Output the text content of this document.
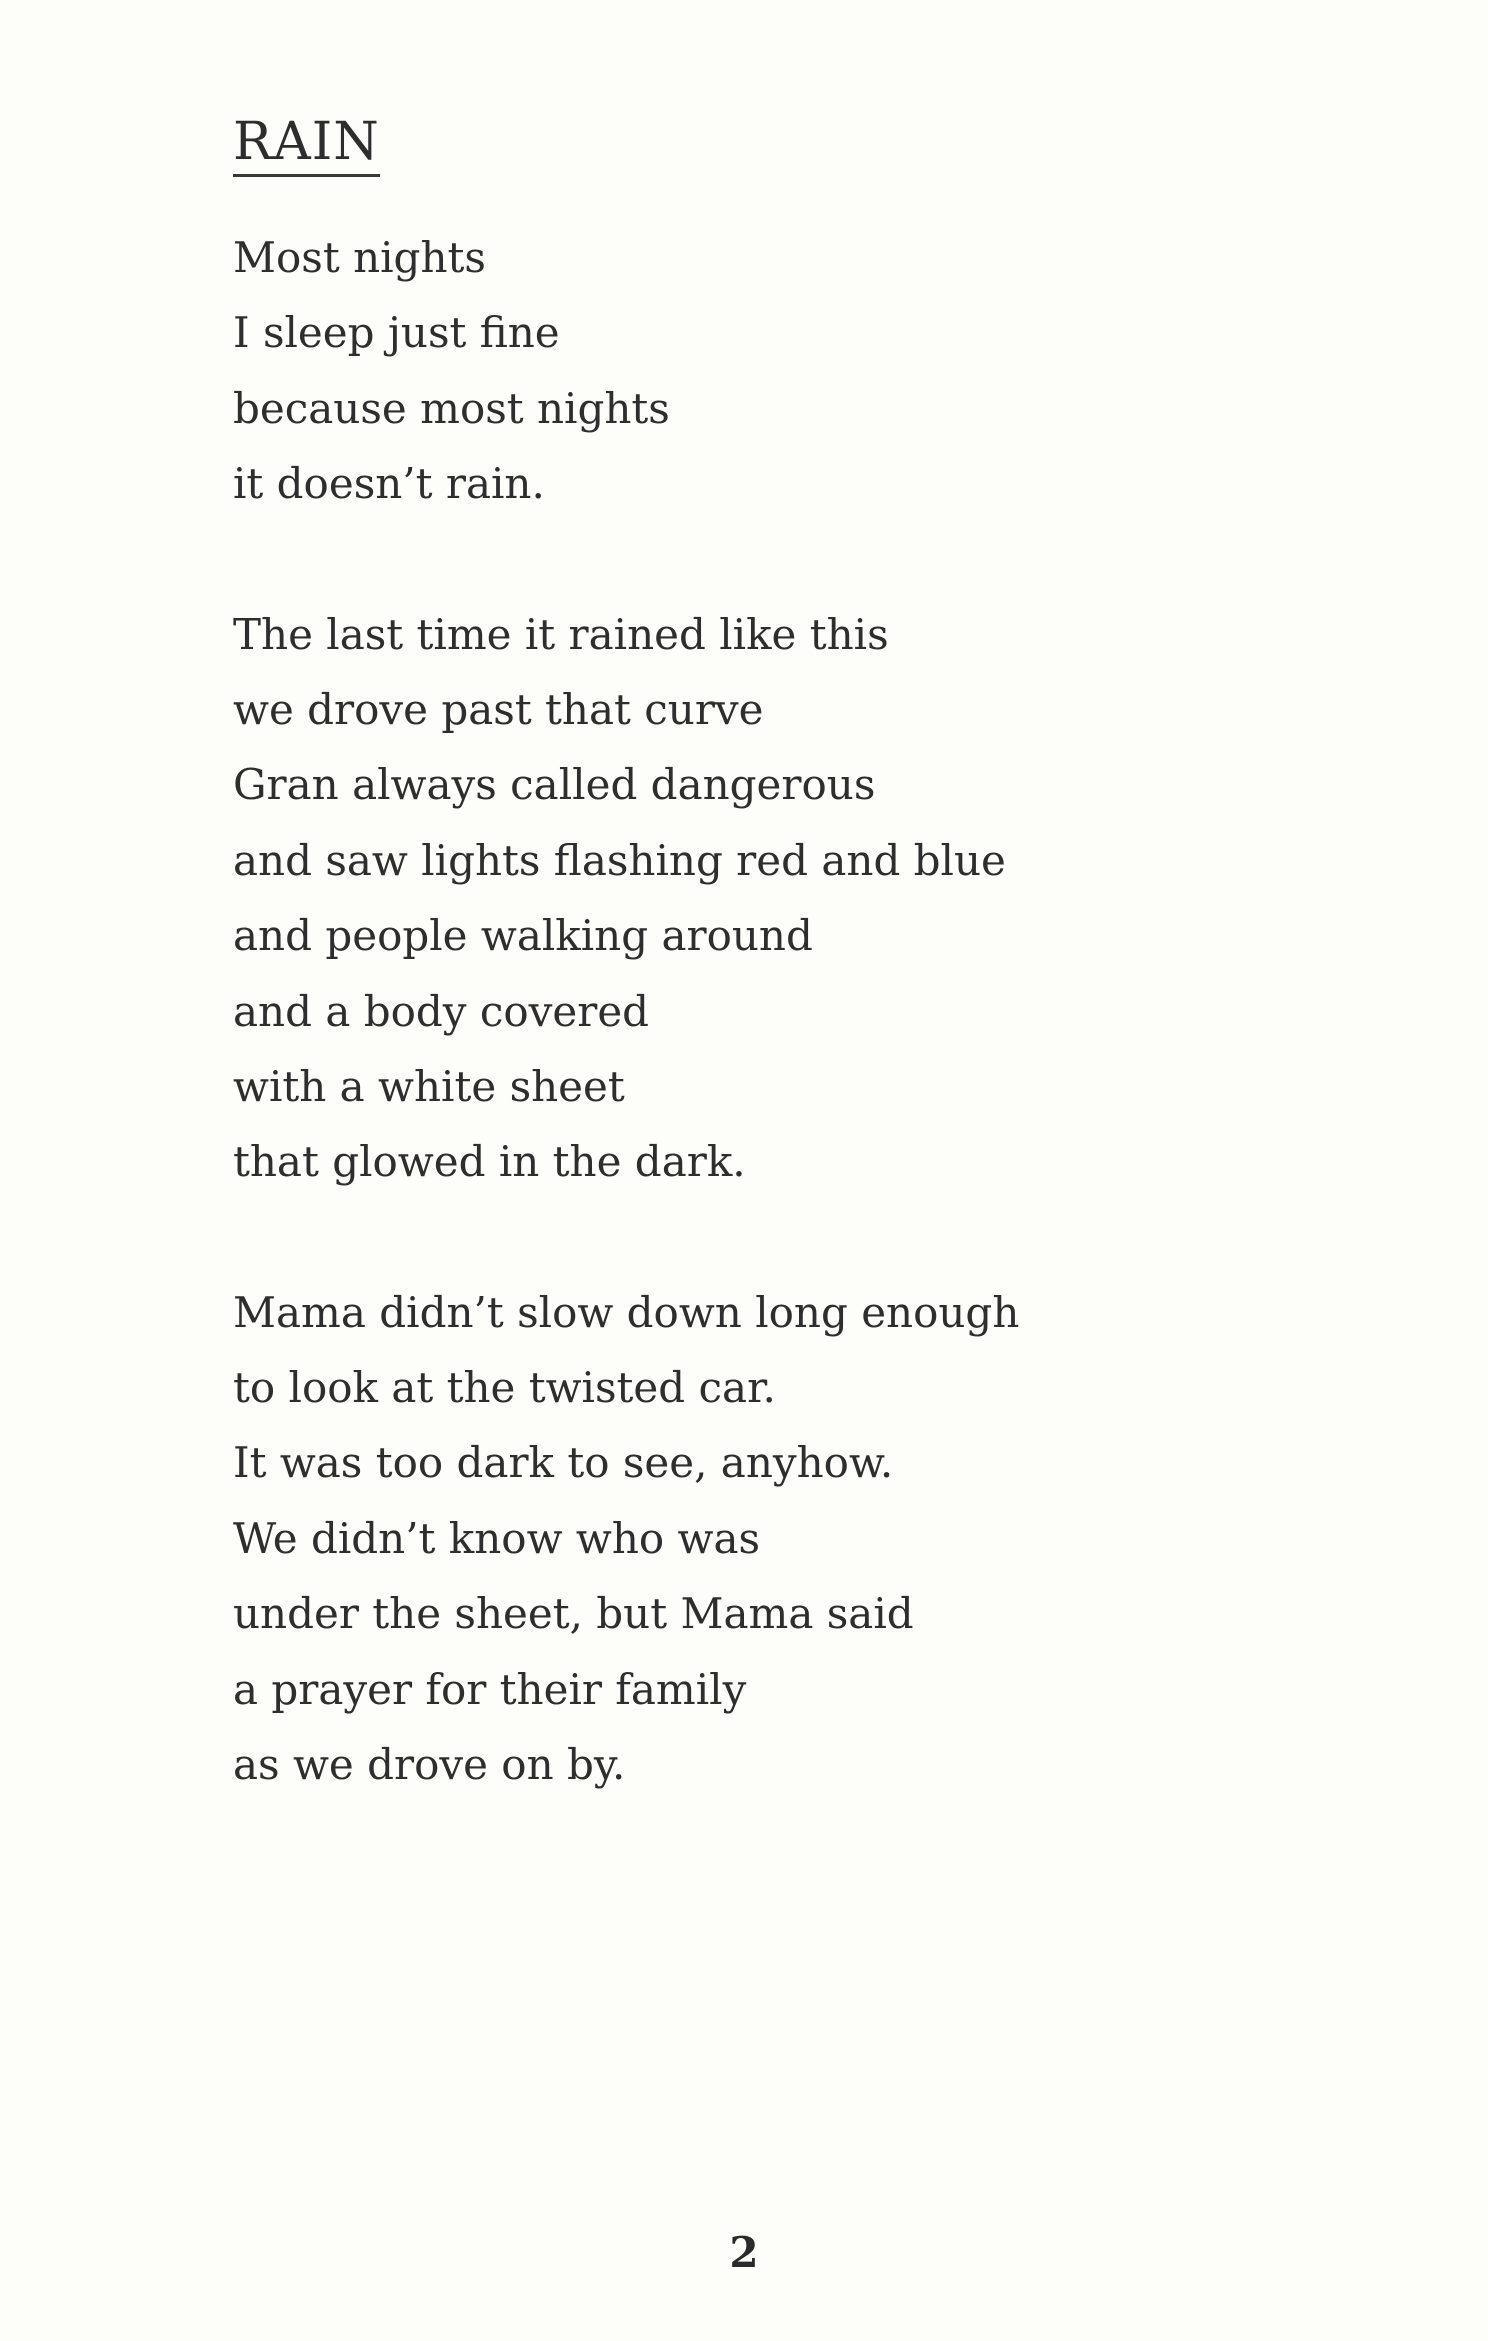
RAIN
Most nights
I sleep just fine
because most nights
it doesn’t rain.
The last time it rained like this
we drove past that curve
Gran always called dangerous
and saw lights flashing red and blue
and people walking around
and a body covered
with a white sheet
that glowed in the dark.
Mama didn’t slow down long enough
to look at the twisted car.
It was too dark to see, anyhow.
We didn’t know who was
under the sheet, but Mama said
a prayer for their family
as we drove on by.
2
